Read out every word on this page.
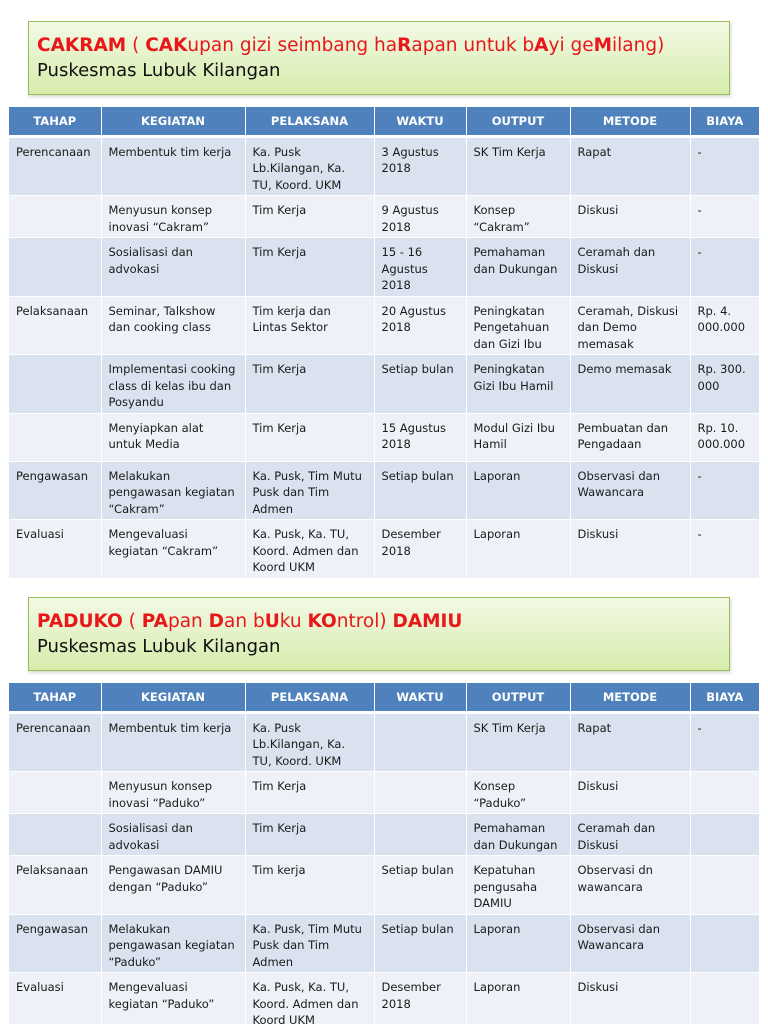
CAKRAM ( CAKupan gizi seimbang haRapan untuk bAyi geMilang)
Puskesmas Lubuk Kilangan
TAHAP	KEGIATAN	PELAKSANA	WAKTU	OUTPUT	METODE	BIAYA
Perencanaan	Membentuk tim kerja	Ka. Pusk Lb.Kilangan, Ka. TU, Koord. UKM	3 Agustus 2018	SK Tim Kerja	Rapat	-
	Menyusun konsep inovasi “Cakram”	Tim Kerja	9 Agustus 2018	Konsep “Cakram”	Diskusi	-
	Sosialisasi dan advokasi	Tim Kerja	15 - 16 Agustus 2018	Pemahaman dan Dukungan	Ceramah dan Diskusi	-
Pelaksanaan	Seminar, Talkshow dan cooking class	Tim kerja dan Lintas Sektor	20 Agustus 2018	Peningkatan Pengetahuan dan Gizi Ibu	Ceramah, Diskusi dan Demo memasak	Rp. 4. 000.000
	Implementasi cooking class di kelas ibu dan Posyandu	Tim Kerja	Setiap bulan	Peningkatan Gizi Ibu Hamil	Demo memasak	Rp. 300. 000
	Menyiapkan alat untuk Media	Tim Kerja	15 Agustus 2018	Modul Gizi Ibu Hamil	Pembuatan dan Pengadaan	Rp. 10. 000.000
Pengawasan	Melakukan pengawasan kegiatan “Cakram”	Ka. Pusk, Tim Mutu Pusk dan Tim Admen	Setiap bulan	Laporan	Observasi dan Wawancara	-
Evaluasi	Mengevaluasi kegiatan “Cakram”	Ka. Pusk, Ka. TU, Koord. Admen dan Koord UKM	Desember 2018	Laporan	Diskusi	-
PADUKO ( PApan Dan bUku KOntrol) DAMIU
Puskesmas Lubuk Kilangan
TAHAP	KEGIATAN	PELAKSANA	WAKTU	OUTPUT	METODE	BIAYA
Perencanaan	Membentuk tim kerja	Ka. Pusk Lb.Kilangan, Ka. TU, Koord. UKM		SK Tim Kerja	Rapat	-
	Menyusun konsep inovasi “Paduko”	Tim Kerja		Konsep “Paduko”	Diskusi	
	Sosialisasi dan advokasi	Tim Kerja		Pemahaman dan Dukungan	Ceramah dan Diskusi	
Pelaksanaan	Pengawasan DAMIU dengan “Paduko”	Tim kerja	Setiap bulan	Kepatuhan pengusaha DAMIU	Observasi dn wawancara	
Pengawasan	Melakukan pengawasan kegiatan “Paduko”	Ka. Pusk, Tim Mutu Pusk dan Tim Admen	Setiap bulan	Laporan	Observasi dan Wawancara	
Evaluasi	Mengevaluasi kegiatan “Paduko”	Ka. Pusk, Ka. TU, Koord. Admen dan Koord UKM	Desember 2018	Laporan	Diskusi	
